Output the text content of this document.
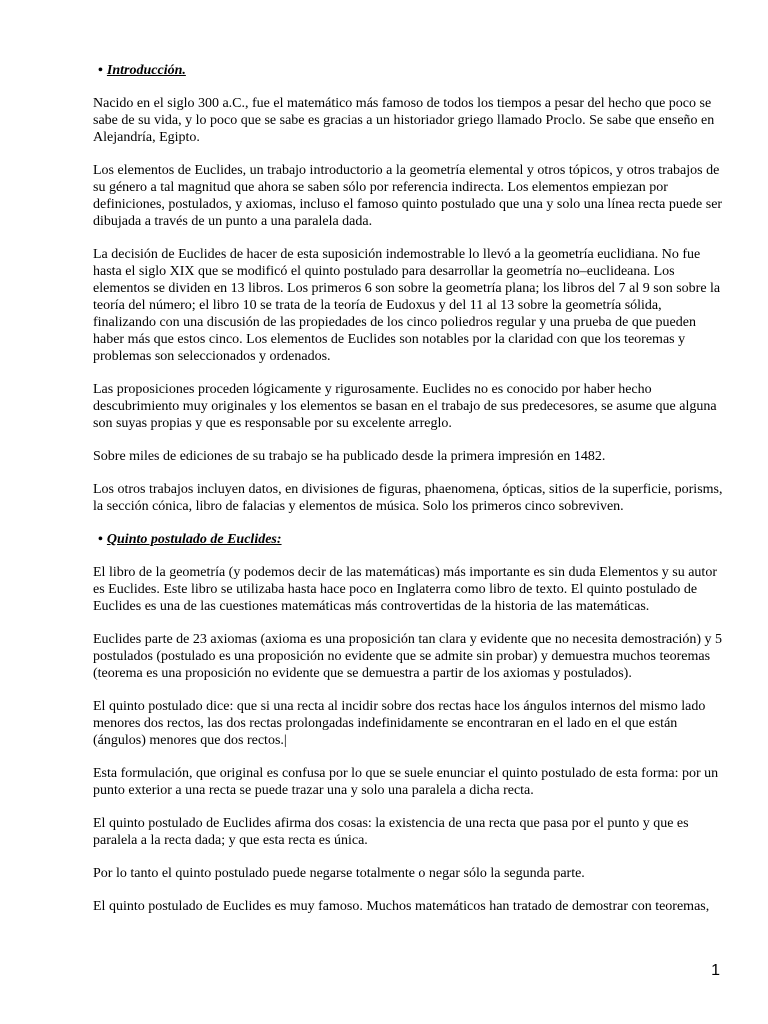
• Introducción.

Nacido en el siglo 300 a.C., fue el matemático más famoso de todos los tiempos a pesar del hecho que poco se sabe de su vida, y lo poco que se sabe es gracias a un historiador griego llamado Proclo. Se sabe que enseño en Alejandría, Egipto.

Los elementos de Euclides, un trabajo introductorio a la geometría elemental y otros tópicos, y otros trabajos de su género a tal magnitud que ahora se saben sólo por referencia indirecta. Los elementos empiezan por definiciones, postulados, y axiomas, incluso el famoso quinto postulado que una y solo una línea recta puede ser dibujada a través de un punto a una paralela dada.

La decisión de Euclides de hacer de esta suposición indemostrable lo llevó a la geometría euclidiana. No fue hasta el siglo XIX que se modificó el quinto postulado para desarrollar la geometría no–euclideana. Los elementos se dividen en 13 libros. Los primeros 6 son sobre la geometría plana; los libros del 7 al 9 son sobre la teoría del número; el libro 10 se trata de la teoría de Eudoxus y del 11 al 13 sobre la geometría sólida, finalizando con una discusión de las propiedades de los cinco poliedros regular y una prueba de que pueden haber más que estos cinco. Los elementos de Euclides son notables por la claridad con que los teoremas y problemas son seleccionados y ordenados.

Las proposiciones proceden lógicamente y rigurosamente. Euclides no es conocido por haber hecho descubrimiento muy originales y los elementos se basan en el trabajo de sus predecesores, se asume que alguna son suyas propias y que es responsable por su excelente arreglo.

Sobre miles de ediciones de su trabajo se ha publicado desde la primera impresión en 1482.

Los otros trabajos incluyen datos, en divisiones de figuras, phaenomena, ópticas, sitios de la superficie, porisms, la sección cónica, libro de falacias y elementos de música. Solo los primeros cinco sobreviven.

• Quinto postulado de Euclides:

El libro de la geometría (y podemos decir de las matemáticas) más importante es sin duda Elementos y su autor es Euclides. Este libro se utilizaba hasta hace poco en Inglaterra como libro de texto. El quinto postulado de Euclides es una de las cuestiones matemáticas más controvertidas de la historia de las matemáticas.

Euclides parte de 23 axiomas (axioma es una proposición tan clara y evidente que no necesita demostración) y 5 postulados (postulado es una proposición no evidente que se admite sin probar) y demuestra muchos teoremas (teorema es una proposición no evidente que se demuestra a partir de los axiomas y postulados).

El quinto postulado dice: que si una recta al incidir sobre dos rectas hace los ángulos internos del mismo lado menores dos rectos, las dos rectas prolongadas indefinidamente se encontraran en el lado en el que están (ángulos) menores que dos rectos.|

Esta formulación, que original es confusa por lo que se suele enunciar el quinto postulado de esta forma: por un punto exterior a una recta se puede trazar una y solo una paralela a dicha recta.

El quinto postulado de Euclides afirma dos cosas: la existencia de una recta que pasa por el punto y que es paralela a la recta dada; y que esta recta es única.

Por lo tanto el quinto postulado puede negarse totalmente o negar sólo la segunda parte.

El quinto postulado de Euclides es muy famoso. Muchos matemáticos han tratado de demostrar con teoremas,

1
